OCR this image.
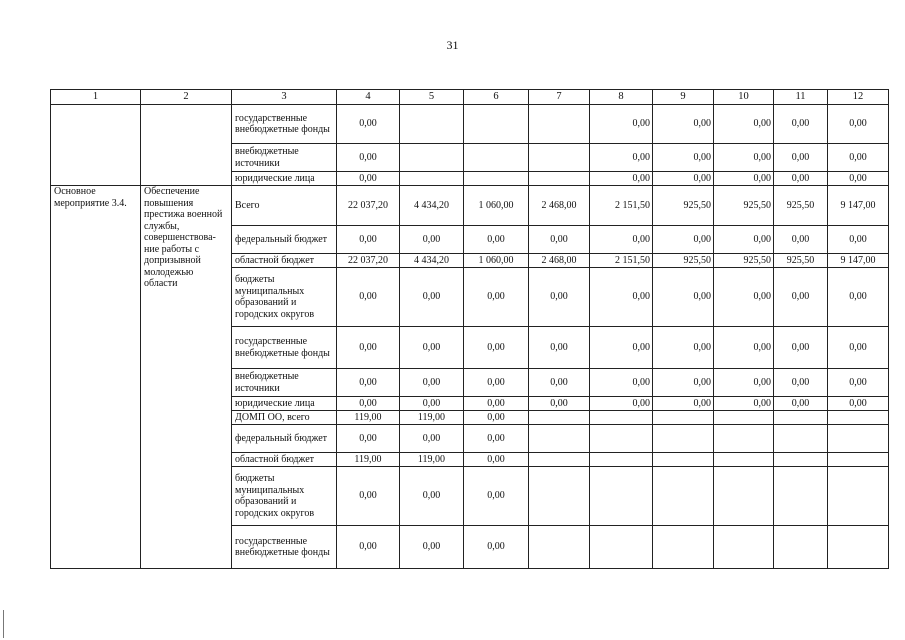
31
1	2	3	4	5	6	7	8	9	10	11	12
		государственные внебюджетные фонды	0,00				0,00	0,00	0,00	0,00	0,00
		внебюджетные источники	0,00				0,00	0,00	0,00	0,00	0,00
		юридические лица	0,00				0,00	0,00	0,00	0,00	0,00
Основное мероприятие 3.4.	Обеспечение повышения престижа военной службы, совершенствова-ние работы с допризывной молодежью области	Всего	22 037,20	4 434,20	1 060,00	2 468,00	2 151,50	925,50	925,50	925,50	9 147,00
		федеральный бюджет	0,00	0,00	0,00	0,00	0,00	0,00	0,00	0,00	0,00
		областной бюджет	22 037,20	4 434,20	1 060,00	2 468,00	2 151,50	925,50	925,50	925,50	9 147,00
		бюджеты муниципальных образований и городских округов	0,00	0,00	0,00	0,00	0,00	0,00	0,00	0,00	0,00
		государственные внебюджетные фонды	0,00	0,00	0,00	0,00	0,00	0,00	0,00	0,00	0,00
		внебюджетные источники	0,00	0,00	0,00	0,00	0,00	0,00	0,00	0,00	0,00
		юридические лица	0,00	0,00	0,00	0,00	0,00	0,00	0,00	0,00	0,00
		ДОМП ОО, всего	119,00	119,00	0,00						
		федеральный бюджет	0,00	0,00	0,00						
		областной бюджет	119,00	119,00	0,00						
		бюджеты муниципальных образований и городских округов	0,00	0,00	0,00						
		государственные внебюджетные фонды	0,00	0,00	0,00						
